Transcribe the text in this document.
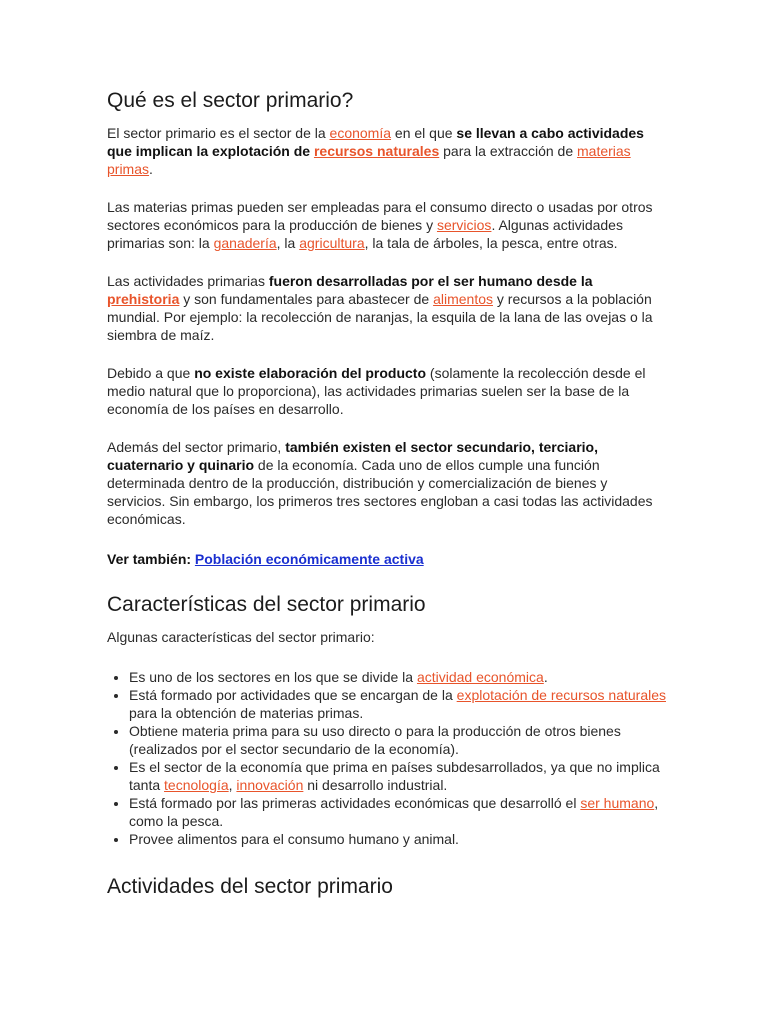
Qué es el sector primario?

El sector primario es el sector de la economía en el que se llevan a cabo actividades que implican la explotación de recursos naturales para la extracción de materias primas.

Las materias primas pueden ser empleadas para el consumo directo o usadas por otros sectores económicos para la producción de bienes y servicios. Algunas actividades primarias son: la ganadería, la agricultura, la tala de árboles, la pesca, entre otras.

Las actividades primarias fueron desarrolladas por el ser humano desde la prehistoria y son fundamentales para abastecer de alimentos y recursos a la población mundial. Por ejemplo: la recolección de naranjas, la esquila de la lana de las ovejas o la siembra de maíz.

Debido a que no existe elaboración del producto (solamente la recolección desde el medio natural que lo proporciona), las actividades primarias suelen ser la base de la economía de los países en desarrollo.

Además del sector primario, también existen el sector secundario, terciario, cuaternario y quinario de la economía. Cada uno de ellos cumple una función determinada dentro de la producción, distribución y comercialización de bienes y servicios. Sin embargo, los primeros tres sectores engloban a casi todas las actividades económicas.

Ver también: Población económicamente activa

Características del sector primario

Algunas características del sector primario:

• Es uno de los sectores en los que se divide la actividad económica.
• Está formado por actividades que se encargan de la explotación de recursos naturales para la obtención de materias primas.
• Obtiene materia prima para su uso directo o para la producción de otros bienes (realizados por el sector secundario de la economía).
• Es el sector de la economía que prima en países subdesarrollados, ya que no implica tanta tecnología, innovación ni desarrollo industrial.
• Está formado por las primeras actividades económicas que desarrolló el ser humano, como la pesca.
• Provee alimentos para el consumo humano y animal.
Actividades del sector primario
